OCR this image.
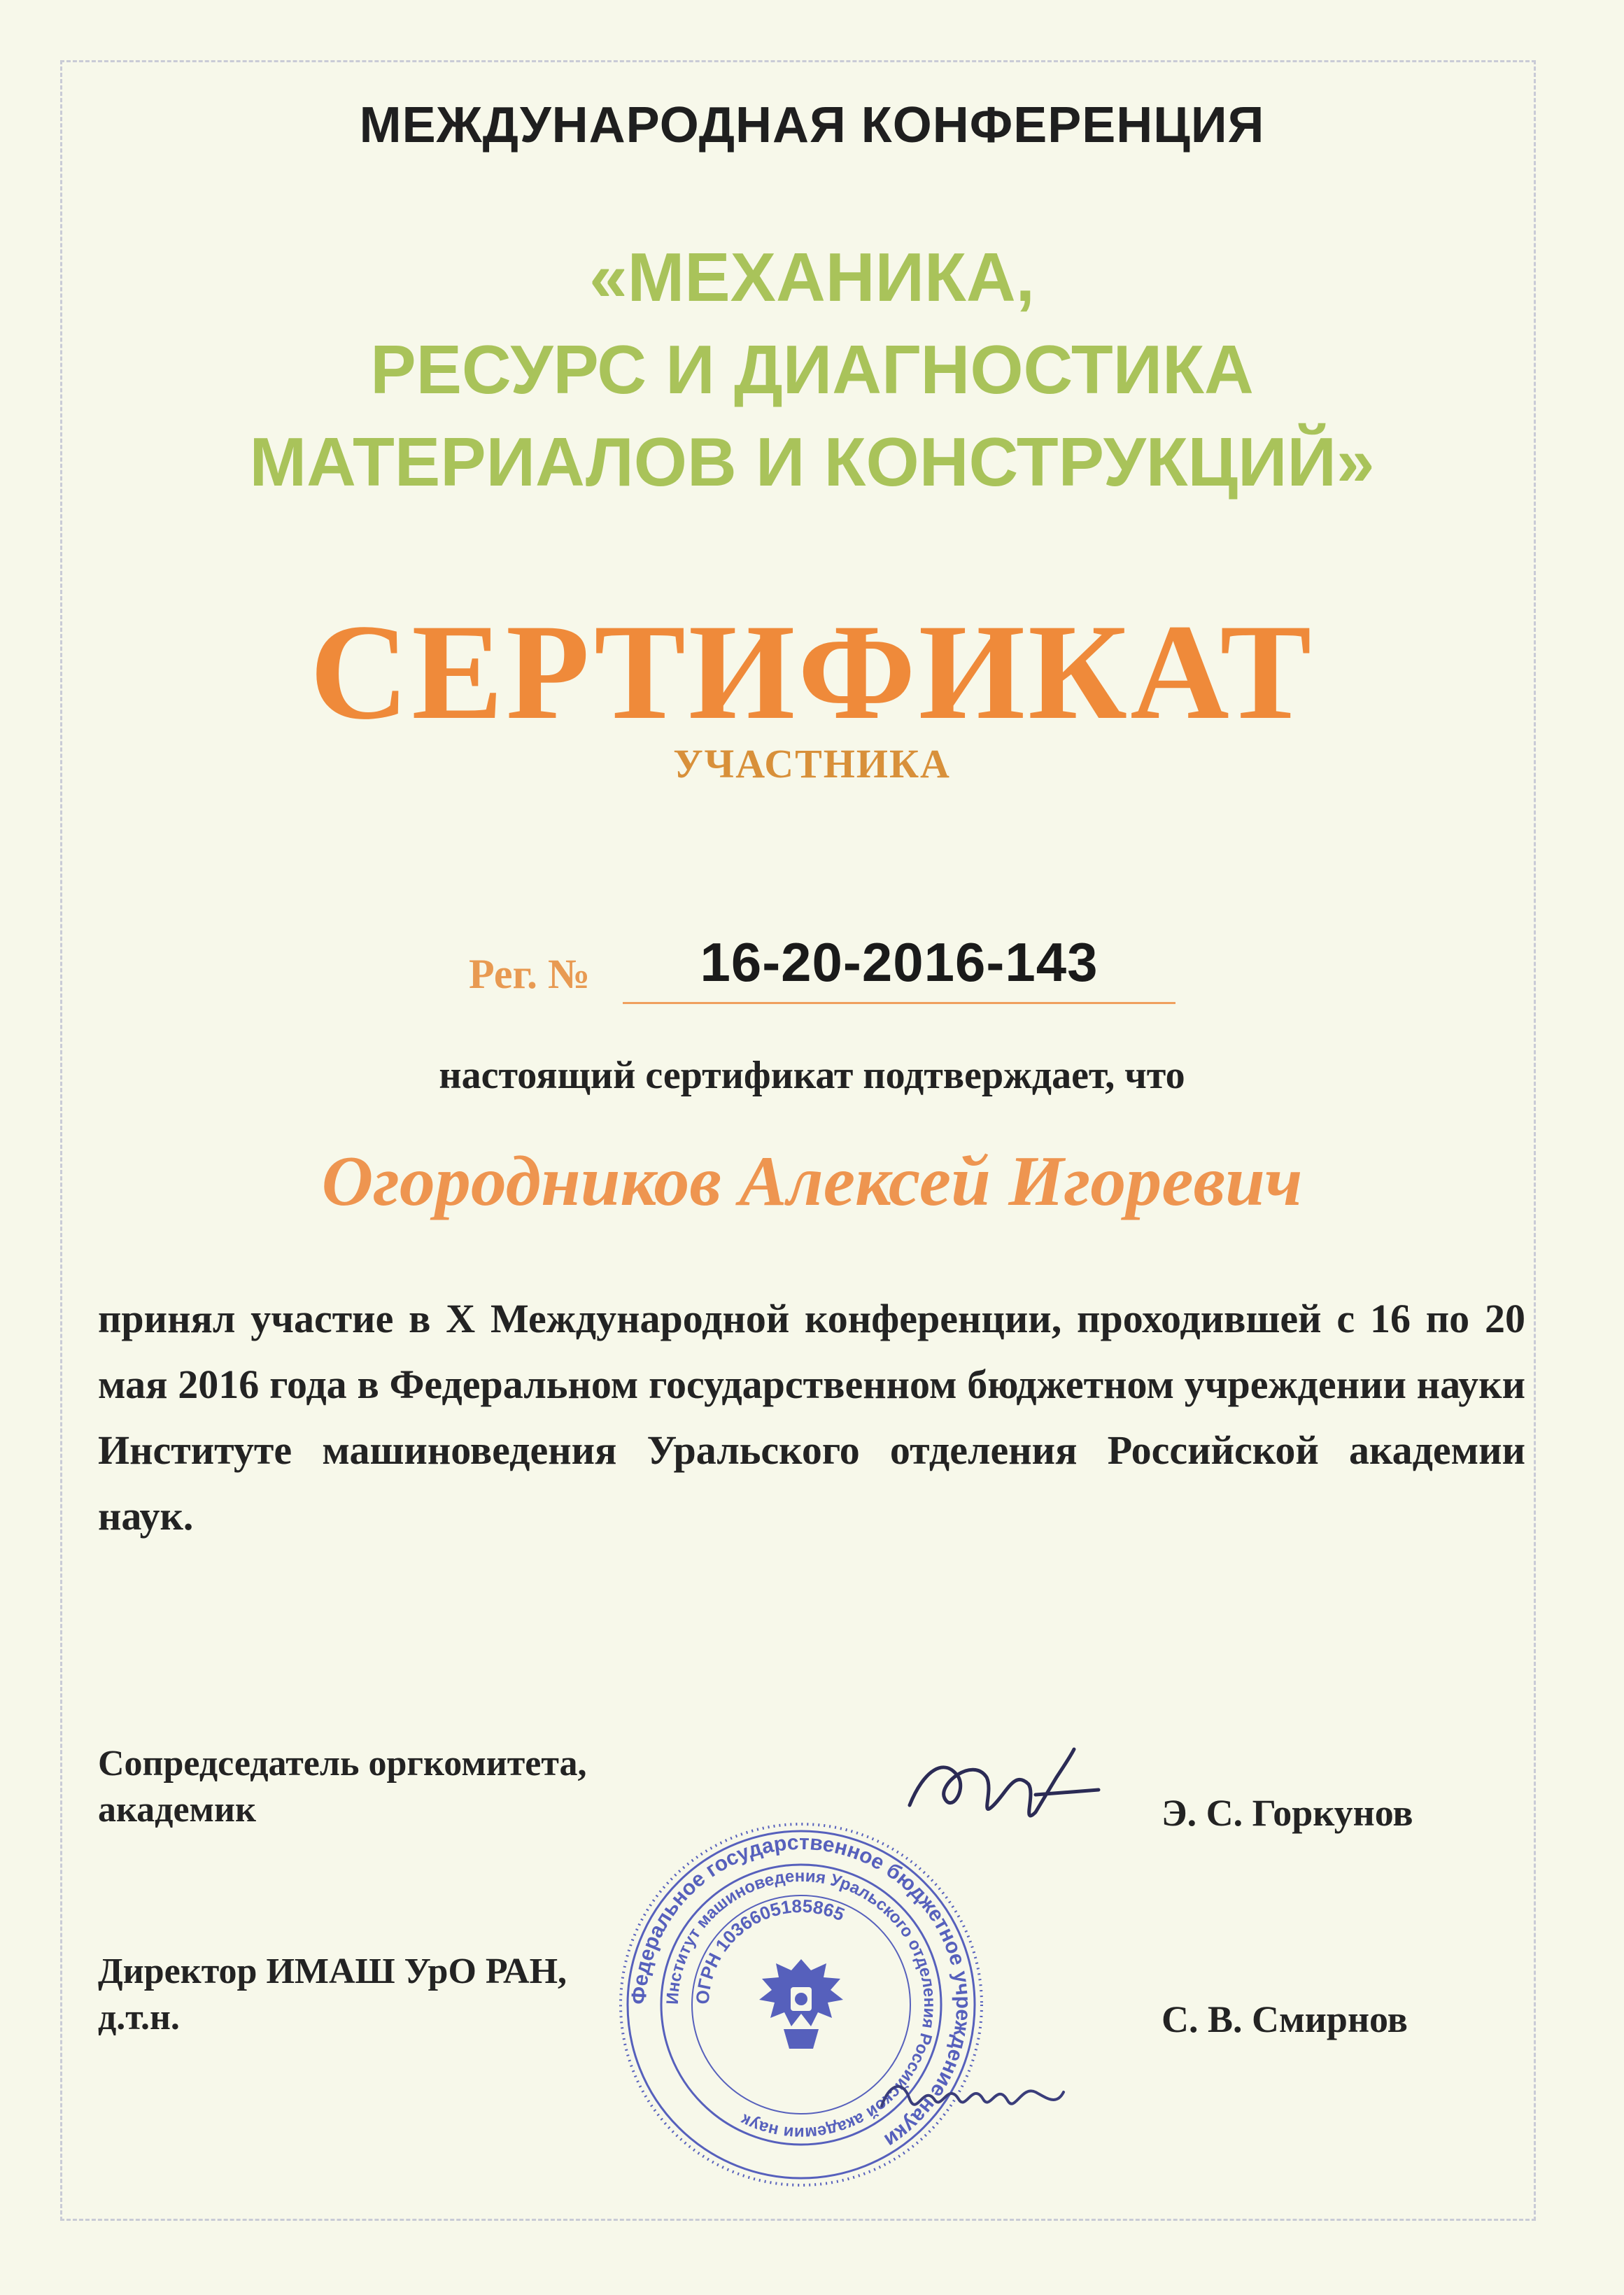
МЕЖДУНАРОДНАЯ КОНФЕРЕНЦИЯ
«МЕХАНИКА,
РЕСУРС И ДИАГНОСТИКА
МАТЕРИАЛОВ И КОНСТРУКЦИЙ»
СЕРТИФИКАТ
УЧАСТНИКА
Рег. №	16-20-2016-143
настоящий сертификат подтверждает, что
Огородников Алексей Игоревич
принял участие в X Международной конференции, проходившей с 16 по 20 мая 2016 года в Федеральном государственном бюджетном учреждении науки Институте машиноведения Уральского отделения Российской академии наук.
Сопредседатель оргкомитета,
академик	Э. С. Горкунов
Директор ИМАШ УрО РАН,
д.т.н.	С. В. Смирнов
Федеральное государственное бюджетное учреждение науки
Институт машиноведения Уральского отделения Российской академии наук
ОГРН 1036605185865
